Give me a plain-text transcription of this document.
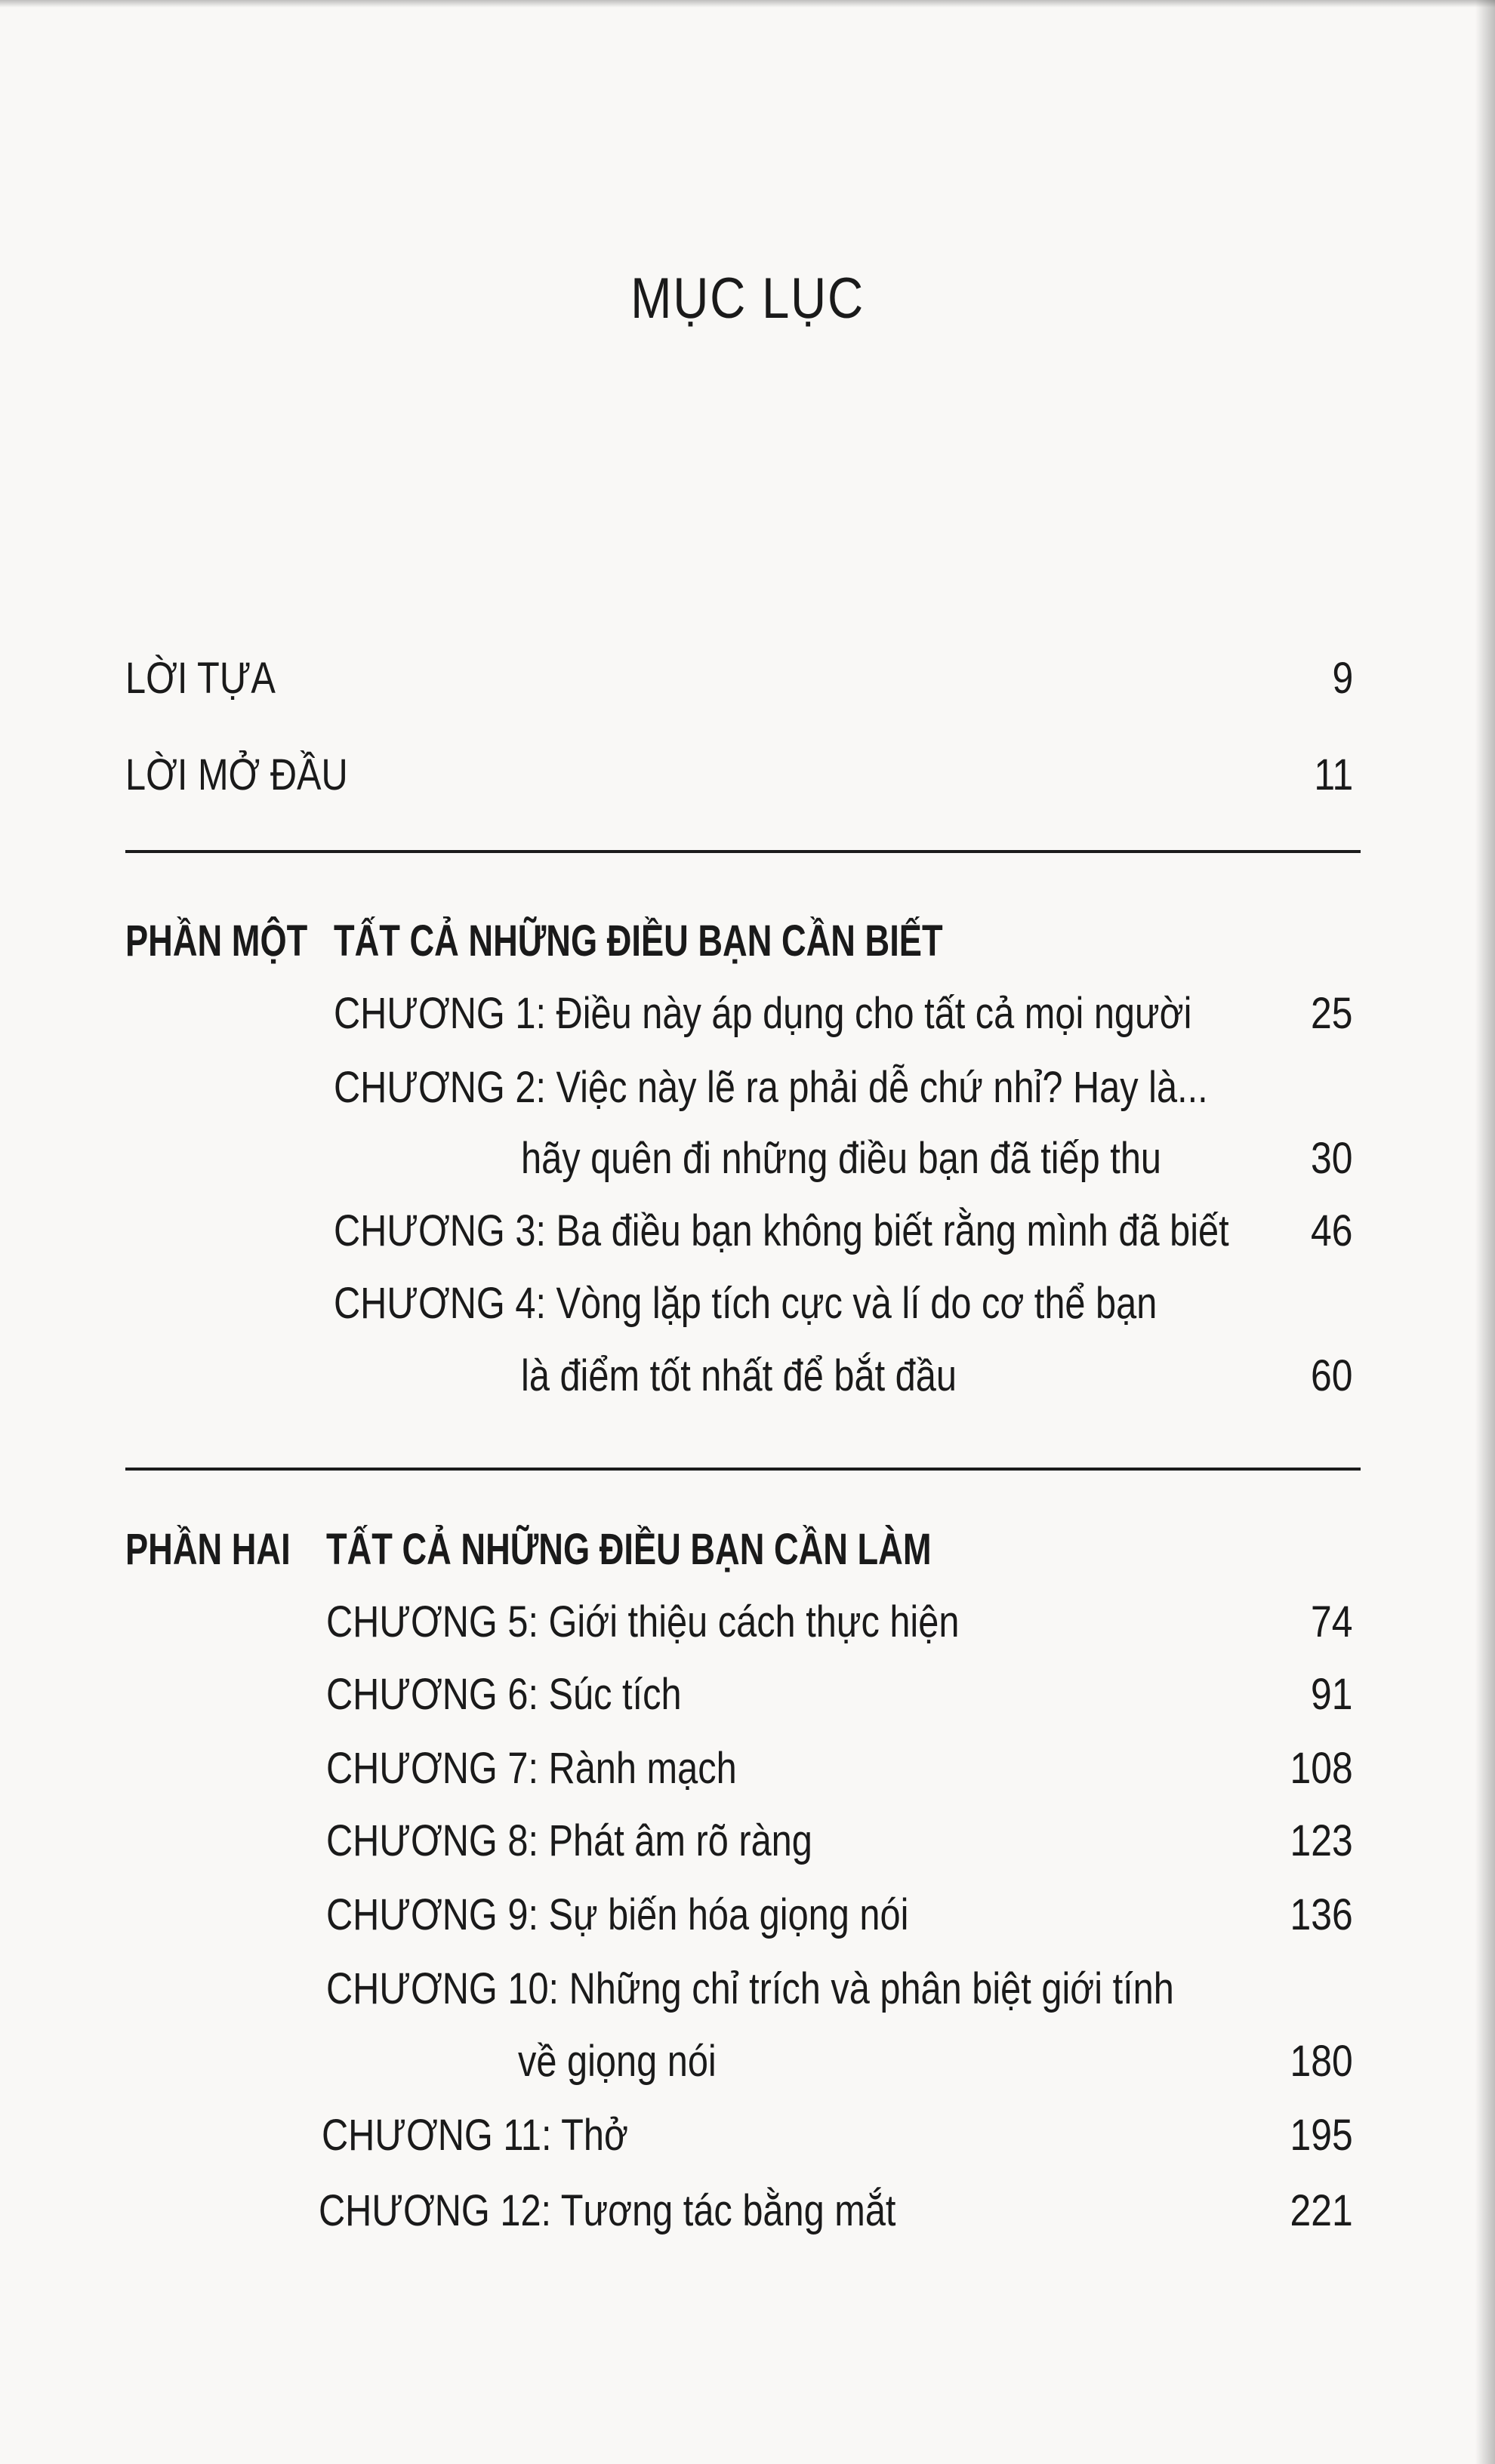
MỤC LỤC
LỜI TỰA	9
LỜI MỞ ĐẦU	11
PHẦN MỘT TẤT CẢ NHỮNG ĐIỀU BẠN CẦN BIẾT
CHƯƠNG 1: Điều này áp dụng cho tất cả mọi người	25
CHƯƠNG 2: Việc này lẽ ra phải dễ chứ nhỉ? Hay là...
hãy quên đi những điều bạn đã tiếp thu	30
CHƯƠNG 3: Ba điều bạn không biết rằng mình đã biết 46
CHƯƠNG 4: Vòng lặp tích cực và lí do cơ thể bạn
là điểm tốt nhất để bắt đầu	60
PHẦN HAI TẤT CẢ NHỮNG ĐIỀU BẠN CẦN LÀM
CHƯƠNG 5: Giới thiệu cách thực hiện	74
CHƯƠNG 6: Súc tích	91
CHƯƠNG 7: Rành mạch	108
CHƯƠNG 8: Phát âm rõ ràng	123
CHƯƠNG 9: Sự biến hóa giọng nói	136
CHƯƠNG 10: Những chỉ trích và phân biệt giới tính
về giọng nói	180
CHƯƠNG 11: Thở	195
CHƯƠNG 12: Tương tác bằng mắt	221
